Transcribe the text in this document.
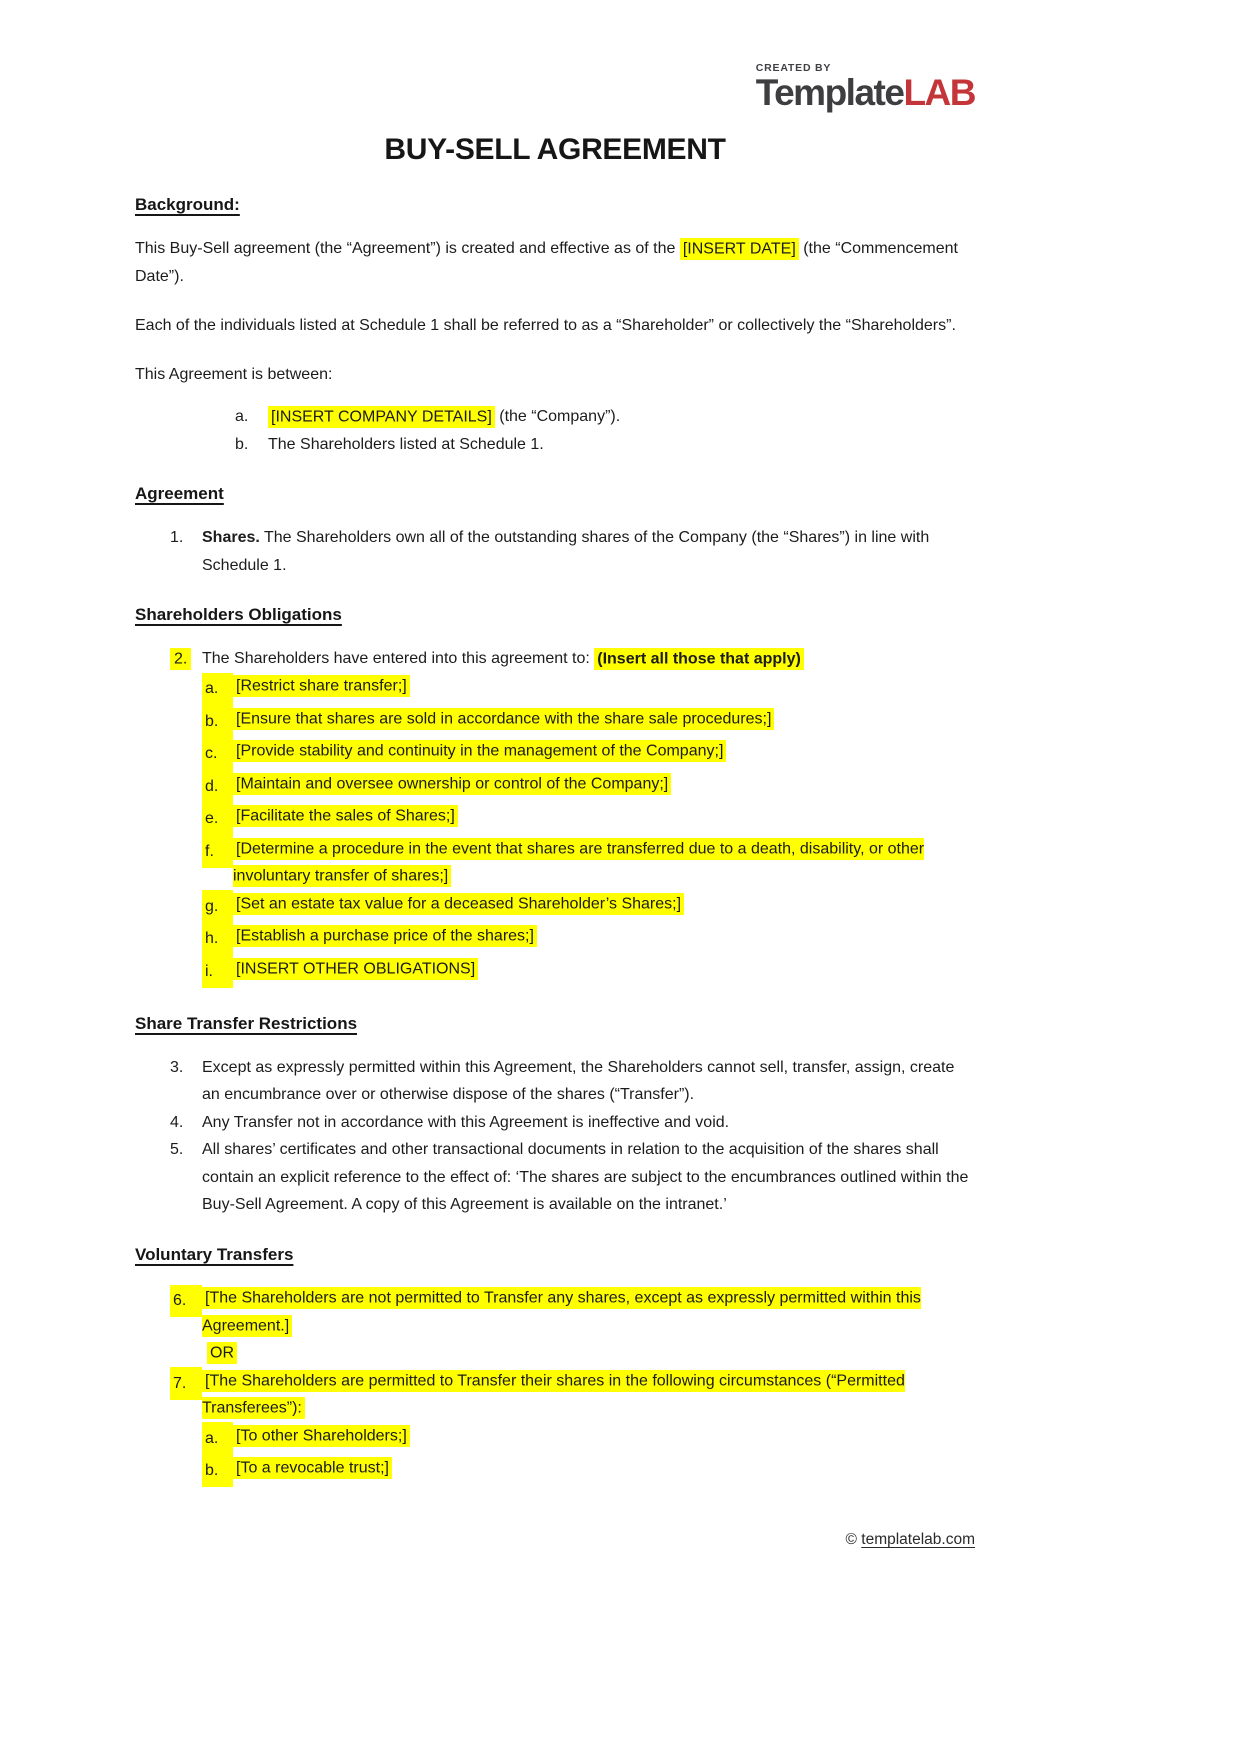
CREATED BY
TemplateLAB
BUY-SELL AGREEMENT
Background:

This Buy-Sell agreement (the “Agreement”) is created and effective as of the [INSERT DATE] (the “Commencement Date”).

Each of the individuals listed at Schedule 1 shall be referred to as a “Shareholder” or collectively the “Shareholders”.

This Agreement is between:

a.	[INSERT COMPANY DETAILS] (the “Company”).
b.	The Shareholders listed at Schedule 1.
Agreement
1.	Shares. The Shareholders own all of the outstanding shares of the Company (the “Shares”) in line with Schedule 1.
Shareholders Obligations
2. The Shareholders have entered into this agreement to: (Insert all those that apply)
a.	[Restrict share transfer;]
b.	[Ensure that shares are sold in accordance with the share sale procedures;]
c.	[Provide stability and continuity in the management of the Company;]
d.	[Maintain and oversee ownership or control of the Company;]
e.	[Facilitate the sales of Shares;]
f.	[Determine a procedure in the event that shares are transferred due to a death, disability, or other involuntary transfer of shares;]
g.	[Set an estate tax value for a deceased Shareholder’s Shares;]
h.	[Establish a purchase price of the shares;]
i.	[INSERT OTHER OBLIGATIONS]
Share Transfer Restrictions
3.	Except as expressly permitted within this Agreement, the Shareholders cannot sell, transfer, assign, create an encumbrance over or otherwise dispose of the shares (“Transfer”).
4.	Any Transfer not in accordance with this Agreement is ineffective and void.
5.	All shares’ certificates and other transactional documents in relation to the acquisition of the shares shall contain an explicit reference to the effect of: ‘The shares are subject to the encumbrances outlined within the Buy-Sell Agreement. A copy of this Agreement is available on the intranet.’
Voluntary Transfers
6.	[The Shareholders are not permitted to Transfer any shares, except as expressly permitted within this Agreement.]
OR
7.	[The Shareholders are permitted to Transfer their shares in the following circumstances (“Permitted Transferees”):
a.	[To other Shareholders;]
b.	[To a revocable trust;]
© templatelab.com
